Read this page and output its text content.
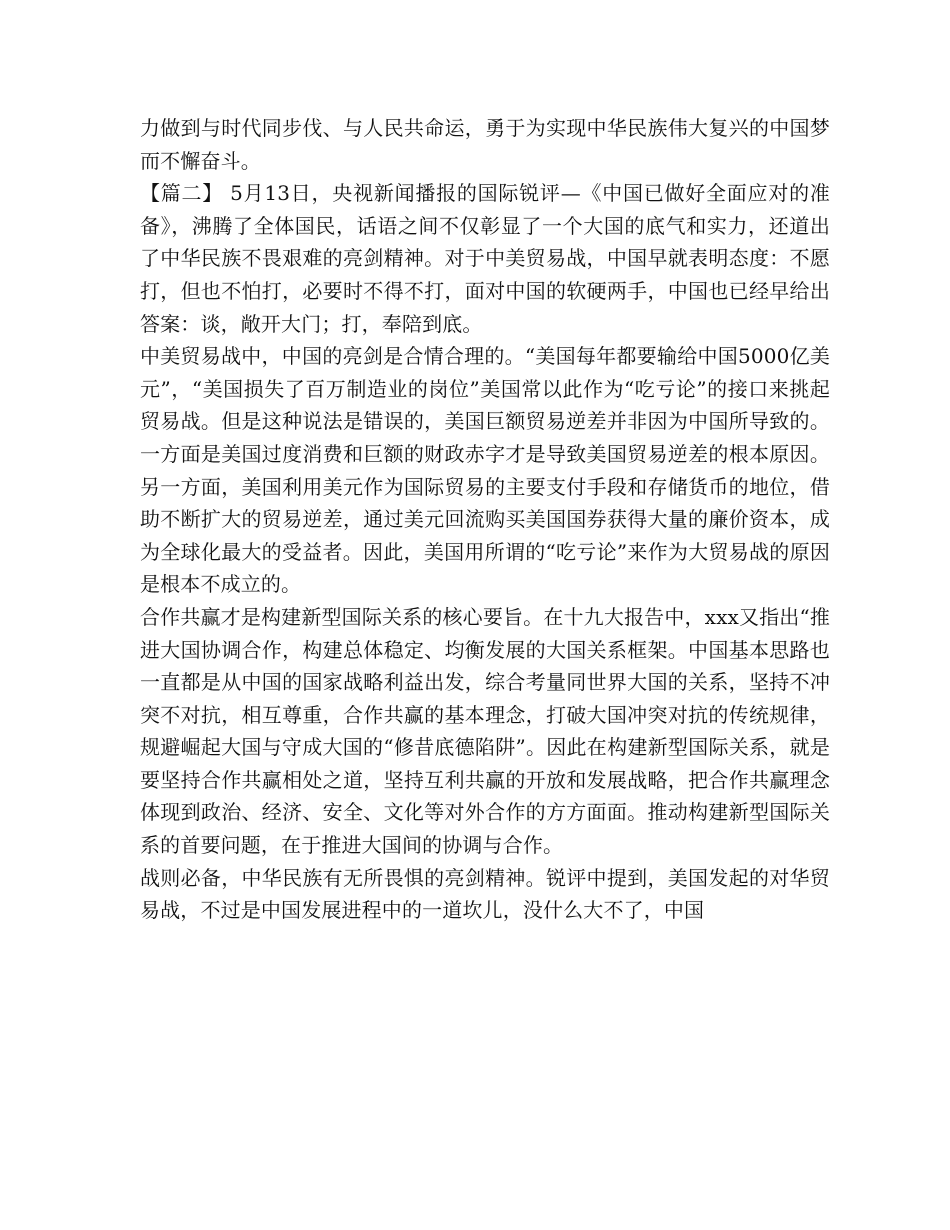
力做到与时代同步伐、与人民共命运，勇于为实现中华民族伟大复兴的中国梦而不懈奋斗。

【篇二】 5月13日，央视新闻播报的国际锐评—《中国已做好全面应对的准备》，沸腾了全体国民，话语之间不仅彰显了一个大国的底气和实力，还道出了中华民族不畏艰难的亮剑精神。对于中美贸易战，中国早就表明态度：不愿打，但也不怕打，必要时不得不打，面对中国的软硬两手，中国也已经早给出答案：谈，敞开大门；打，奉陪到底。

中美贸易战中，中国的亮剑是合情合理的。“美国每年都要输给中国5000亿美元”，“美国损失了百万制造业的岗位”美国常以此作为“吃亏论”的接口来挑起贸易战。但是这种说法是错误的，美国巨额贸易逆差并非因为中国所导致的。一方面是美国过度消费和巨额的财政赤字才是导致美国贸易逆差的根本原因。另一方面，美国利用美元作为国际贸易的主要支付手段和存储货币的地位，借助不断扩大的贸易逆差，通过美元回流购买美国国券获得大量的廉价资本，成为全球化最大的受益者。因此，美国用所谓的“吃亏论”来作为大贸易战的原因是根本不成立的。

合作共赢才是构建新型国际关系的核心要旨。在十九大报告中，xxx又指出“推进大国协调合作，构建总体稳定、均衡发展的大国关系框架。中国基本思路也一直都是从中国的国家战略利益出发，综合考量同世界大国的关系，坚持不冲突不对抗，相互尊重，合作共赢的基本理念，打破大国冲突对抗的传统规律，规避崛起大国与守成大国的“修昔底德陷阱”。因此在构建新型国际关系，就是要坚持合作共赢相处之道，坚持互利共赢的开放和发展战略，把合作共赢理念体现到政治、经济、安全、文化等对外合作的方方面面。推动构建新型国际关系的首要问题，在于推进大国间的协调与合作。

战则必备，中华民族有无所畏惧的亮剑精神。锐评中提到，美国发起的对华贸易战，不过是中国发展进程中的一道坎儿，没什么大不了，中国
